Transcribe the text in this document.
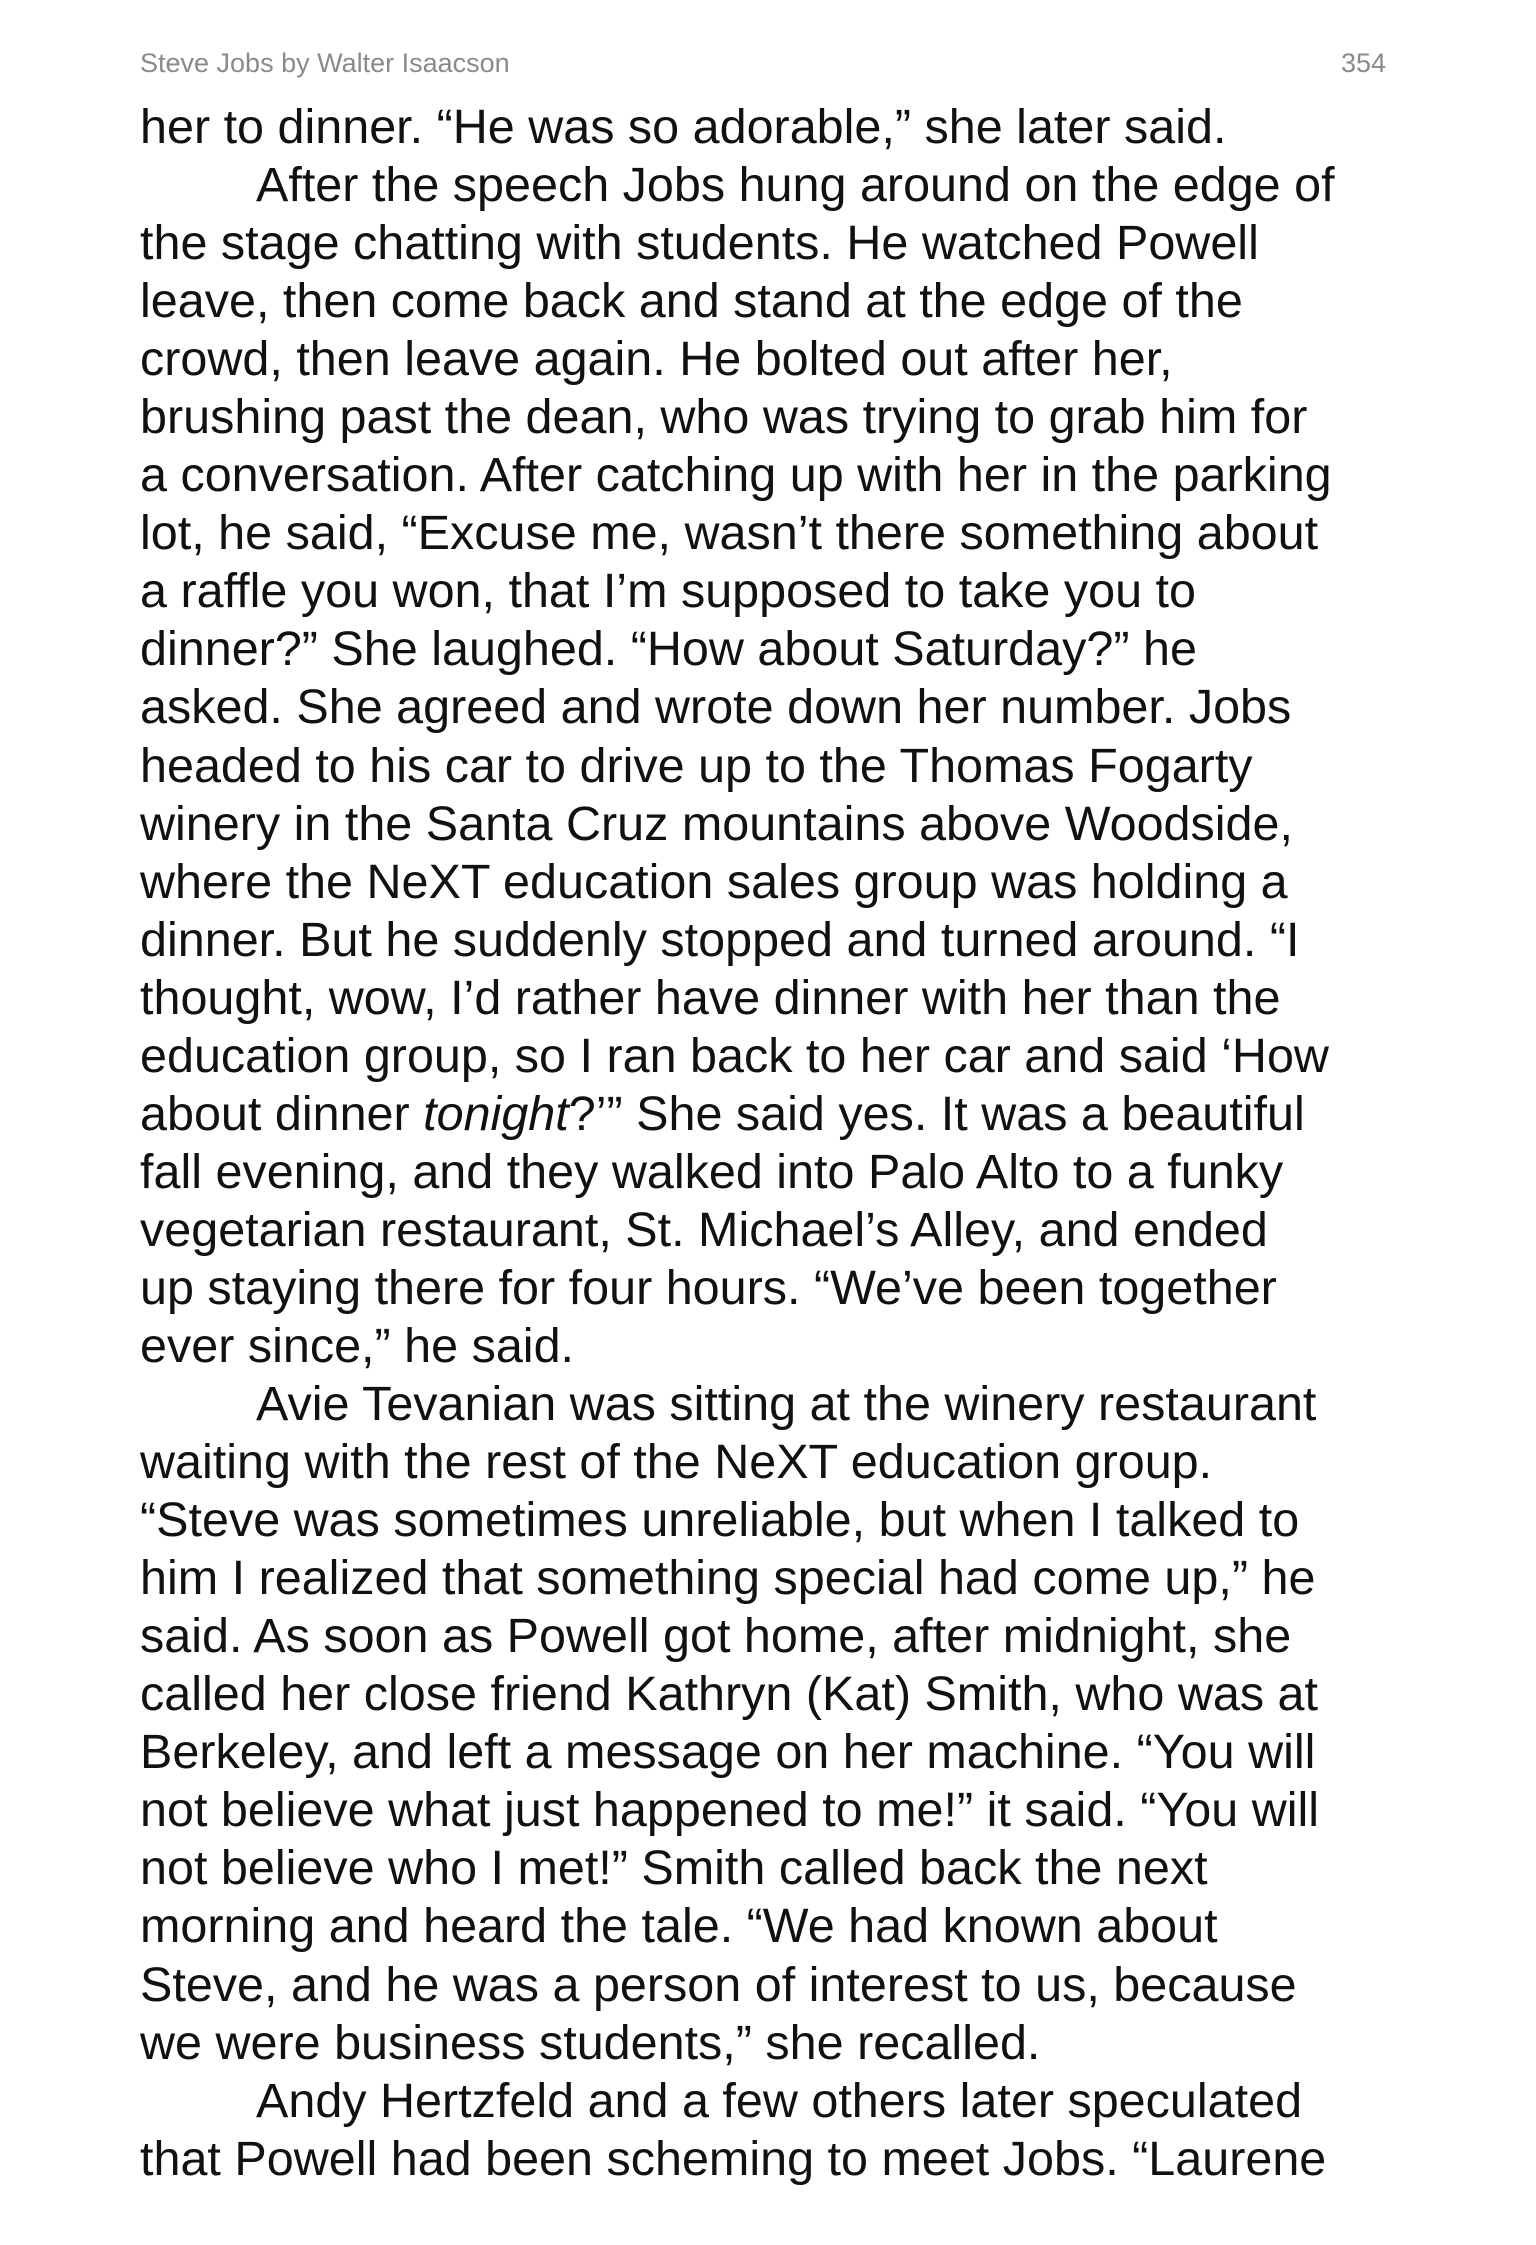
Steve Jobs by Walter Isaacson	354

her to dinner. “He was so adorable,” she later said.

After the speech Jobs hung around on the edge of
the stage chatting with students. He watched Powell
leave, then come back and stand at the edge of the
crowd, then leave again. He bolted out after her,
brushing past the dean, who was trying to grab him for
a conversation. After catching up with her in the parking
lot, he said, “Excuse me, wasn’t there something about
a raffle you won, that I’m supposed to take you to
dinner?” She laughed. “How about Saturday?” he
asked. She agreed and wrote down her number. Jobs
headed to his car to drive up to the Thomas Fogarty
winery in the Santa Cruz mountains above Woodside,
where the NeXT education sales group was holding a
dinner. But he suddenly stopped and turned around. “I
thought, wow, I’d rather have dinner with her than the
education group, so I ran back to her car and said ‘How
about dinner tonight?’” She said yes. It was a beautiful
fall evening, and they walked into Palo Alto to a funky
vegetarian restaurant, St. Michael’s Alley, and ended
up staying there for four hours. “We’ve been together
ever since,” he said.

Avie Tevanian was sitting at the winery restaurant
waiting with the rest of the NeXT education group.
“Steve was sometimes unreliable, but when I talked to
him I realized that something special had come up,” he
said. As soon as Powell got home, after midnight, she
called her close friend Kathryn (Kat) Smith, who was at
Berkeley, and left a message on her machine. “You will
not believe what just happened to me!” it said. “You will
not believe who I met!” Smith called back the next
morning and heard the tale. “We had known about
Steve, and he was a person of interest to us, because
we were business students,” she recalled.

Andy Hertzfeld and a few others later speculated
that Powell had been scheming to meet Jobs. “Laurene
